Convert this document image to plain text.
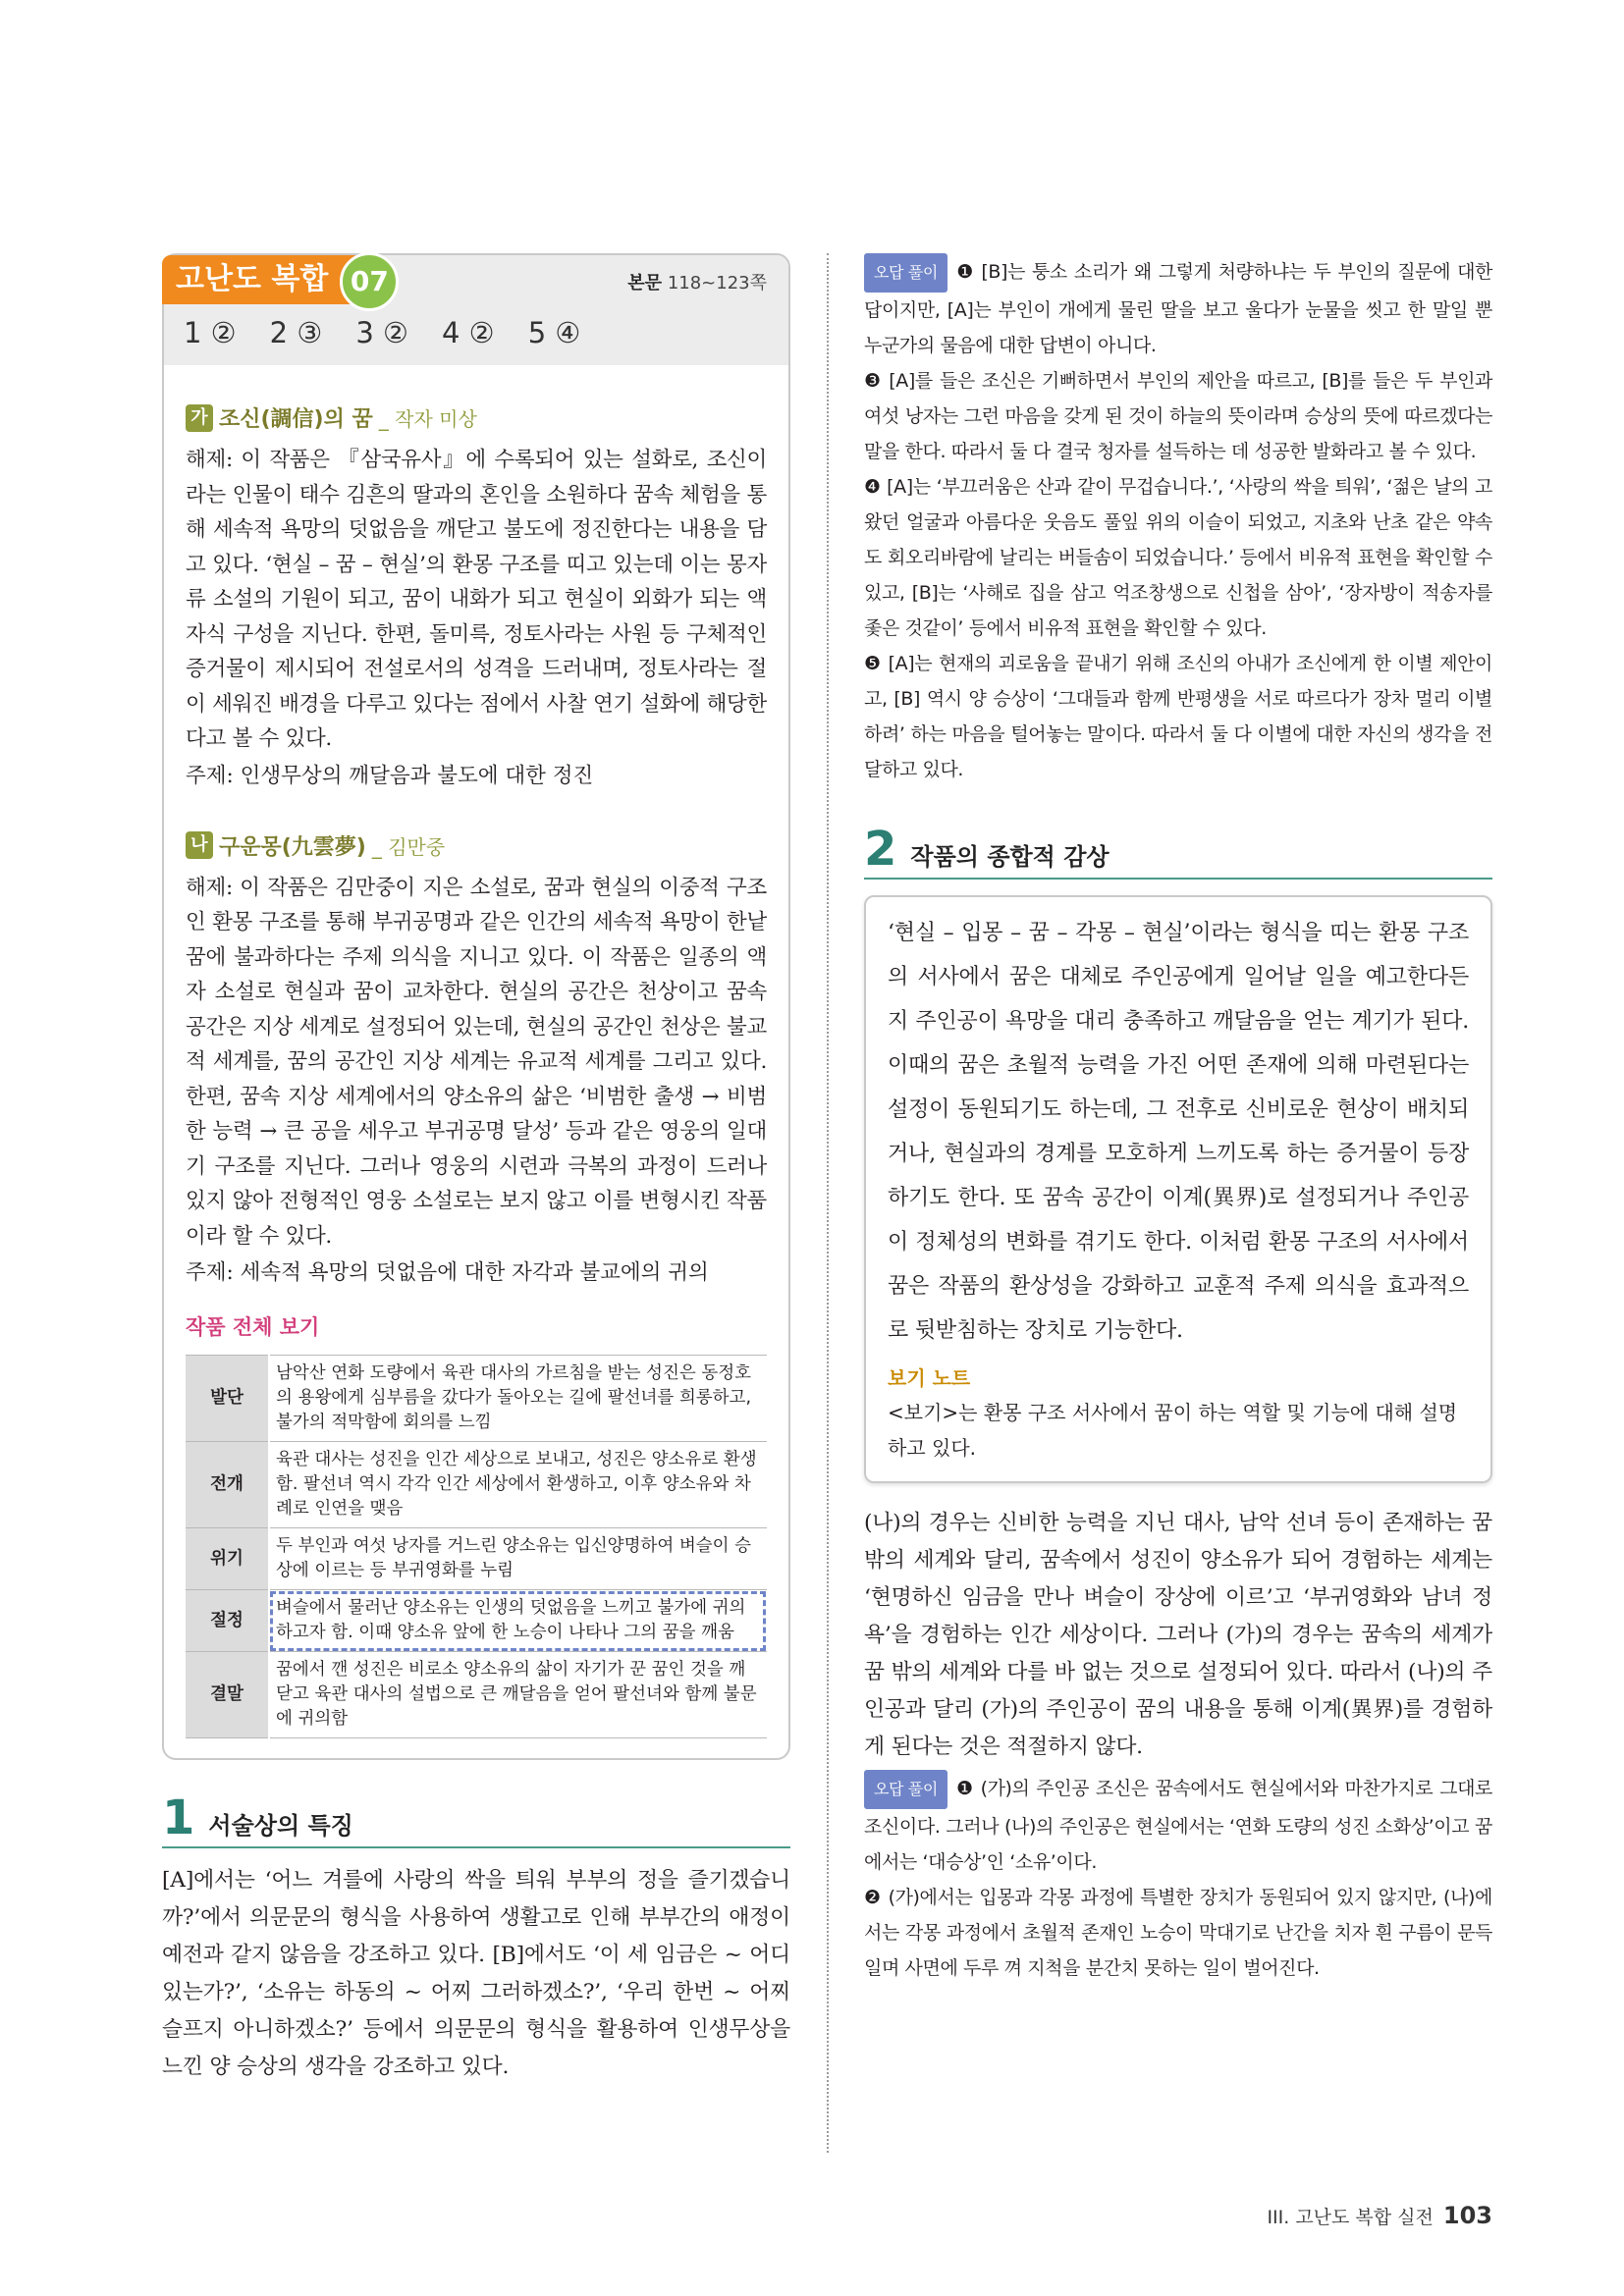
고난도 복합 07	본문 118~123쪽
1 ② 2 ③ 3 ② 4 ② 5 ④
가 조신(調信)의 꿈 _ 작자 미상
해제: 이 작품은 『삼국유사』에 수록되어 있는 설화로, 조신이라는 인물이 태수 김흔의 딸과의 혼인을 소원하다 꿈속 체험을 통해 세속적 욕망의 덧없음을 깨닫고 불도에 정진한다는 내용을 담고 있다. ‘현실 – 꿈 – 현실’의 환몽 구조를 띠고 있는데 이는 몽자류 소설의 기원이 되고, 꿈이 내화가 되고 현실이 외화가 되는 액자식 구성을 지닌다. 한편, 돌미륵, 정토사라는 사원 등 구체적인 증거물이 제시되어 전설로서의 성격을 드러내며, 정토사라는 절이 세워진 배경을 다루고 있다는 점에서 사찰 연기 설화에 해당한다고 볼 수 있다.
주제: 인생무상의 깨달음과 불도에 대한 정진
나 구운몽(九雲夢) _ 김만중
해제: 이 작품은 김만중이 지은 소설로, 꿈과 현실의 이중적 구조인 환몽 구조를 통해 부귀공명과 같은 인간의 세속적 욕망이 한낱 꿈에 불과하다는 주제 의식을 지니고 있다. 이 작품은 일종의 액자 소설로 현실과 꿈이 교차한다. 현실의 공간은 천상이고 꿈속 공간은 지상 세계로 설정되어 있는데, 현실의 공간인 천상은 불교적 세계를, 꿈의 공간인 지상 세계는 유교적 세계를 그리고 있다. 한편, 꿈속 지상 세계에서의 양소유의 삶은 ‘비범한 출생 → 비범한 능력 → 큰 공을 세우고 부귀공명 달성’ 등과 같은 영웅의 일대기 구조를 지닌다. 그러나 영웅의 시련과 극복의 과정이 드러나 있지 않아 전형적인 영웅 소설로는 보지 않고 이를 변형시킨 작품이라 할 수 있다.
주제: 세속적 욕망의 덧없음에 대한 자각과 불교에의 귀의
작품 전체 보기
발단	남악산 연화 도량에서 육관 대사의 가르침을 받는 성진은 동정호의 용왕에게 심부름을 갔다가 돌아오는 길에 팔선녀를 희롱하고, 불가의 적막함에 회의를 느낌
전개	육관 대사는 성진을 인간 세상으로 보내고, 성진은 양소유로 환생함. 팔선녀 역시 각각 인간 세상에서 환생하고, 이후 양소유와 차례로 인연을 맺음
위기	두 부인과 여섯 낭자를 거느린 양소유는 입신양명하여 벼슬이 승상에 이르는 등 부귀영화를 누림
절정	벼슬에서 물러난 양소유는 인생의 덧없음을 느끼고 불가에 귀의하고자 함. 이때 양소유 앞에 한 노승이 나타나 그의 꿈을 깨움
결말	꿈에서 깬 성진은 비로소 양소유의 삶이 자기가 꾼 꿈인 것을 깨닫고 육관 대사의 설법으로 큰 깨달음을 얻어 팔선녀와 함께 불문에 귀의함
1 서술상의 특징
[A]에서는 ‘어느 겨를에 사랑의 싹을 틔워 부부의 정을 즐기겠습니까?’에서 의문문의 형식을 사용하여 생활고로 인해 부부간의 애정이 예전과 같지 않음을 강조하고 있다. [B]에서도 ‘이 세 임금은 ~ 어디 있는가?’, ‘소유는 하동의 ~ 어찌 그러하겠소?’, ‘우리 한번 ~ 어찌 슬프지 아니하겠소?’ 등에서 의문문의 형식을 활용하여 인생무상을 느낀 양 승상의 생각을 강조하고 있다.
오답 풀이 ❶ [B]는 퉁소 소리가 왜 그렇게 처량하냐는 두 부인의 질문에 대한 답이지만, [A]는 부인이 개에게 물린 딸을 보고 울다가 눈물을 씻고 한 말일 뿐 누군가의 물음에 대한 답변이 아니다.
❸ [A]를 들은 조신은 기뻐하면서 부인의 제안을 따르고, [B]를 들은 두 부인과 여섯 낭자는 그런 마음을 갖게 된 것이 하늘의 뜻이라며 승상의 뜻에 따르겠다는 말을 한다. 따라서 둘 다 결국 청자를 설득하는 데 성공한 발화라고 볼 수 있다.
❹ [A]는 ‘부끄러움은 산과 같이 무겁습니다.’, ‘사랑의 싹을 틔워’, ‘젊은 날의 고왔던 얼굴과 아름다운 웃음도 풀잎 위의 이슬이 되었고, 지초와 난초 같은 약속도 회오리바람에 날리는 버들솜이 되었습니다.’ 등에서 비유적 표현을 확인할 수 있고, [B]는 ‘사해로 집을 삼고 억조창생으로 신첩을 삼아’, ‘장자방이 적송자를 좇은 것같이’ 등에서 비유적 표현을 확인할 수 있다.
❺ [A]는 현재의 괴로움을 끝내기 위해 조신의 아내가 조신에게 한 이별 제안이고, [B] 역시 양 승상이 ‘그대들과 함께 반평생을 서로 따르다가 장차 멀리 이별하려’ 하는 마음을 털어놓는 말이다. 따라서 둘 다 이별에 대한 자신의 생각을 전달하고 있다.
2 작품의 종합적 감상
‘현실 – 입몽 – 꿈 – 각몽 – 현실’이라는 형식을 띠는 환몽 구조의 서사에서 꿈은 대체로 주인공에게 일어날 일을 예고한다든지 주인공이 욕망을 대리 충족하고 깨달음을 얻는 계기가 된다. 이때의 꿈은 초월적 능력을 가진 어떤 존재에 의해 마련된다는 설정이 동원되기도 하는데, 그 전후로 신비로운 현상이 배치되거나, 현실과의 경계를 모호하게 느끼도록 하는 증거물이 등장하기도 한다. 또 꿈속 공간이 이계(異界)로 설정되거나 주인공이 정체성의 변화를 겪기도 한다. 이처럼 환몽 구조의 서사에서 꿈은 작품의 환상성을 강화하고 교훈적 주제 의식을 효과적으로 뒷받침하는 장치로 기능한다.
보기 노트
<보기>는 환몽 구조 서사에서 꿈이 하는 역할 및 기능에 대해 설명하고 있다.
(나)의 경우는 신비한 능력을 지닌 대사, 남악 선녀 등이 존재하는 꿈 밖의 세계와 달리, 꿈속에서 성진이 양소유가 되어 경험하는 세계는 ‘현명하신 임금을 만나 벼슬이 장상에 이르’고 ‘부귀영화와 남녀 정욕’을 경험하는 인간 세상이다. 그러나 (가)의 경우는 꿈속의 세계가 꿈 밖의 세계와 다를 바 없는 것으로 설정되어 있다. 따라서 (나)의 주인공과 달리 (가)의 주인공이 꿈의 내용을 통해 이계(異界)를 경험하게 된다는 것은 적절하지 않다.
오답 풀이 ❶ (가)의 주인공 조신은 꿈속에서도 현실에서와 마찬가지로 그대로 조신이다. 그러나 (나)의 주인공은 현실에서는 ‘연화 도량의 성진 소화상’이고 꿈에서는 ‘대승상’인 ‘소유’이다.
❷ (가)에서는 입몽과 각몽 과정에 특별한 장치가 동원되어 있지 않지만, (나)에서는 각몽 과정에서 초월적 존재인 노승이 막대기로 난간을 치자 흰 구름이 문득 일며 사면에 두루 껴 지척을 분간치 못하는 일이 벌어진다.
III. 고난도 복합 실전 103
